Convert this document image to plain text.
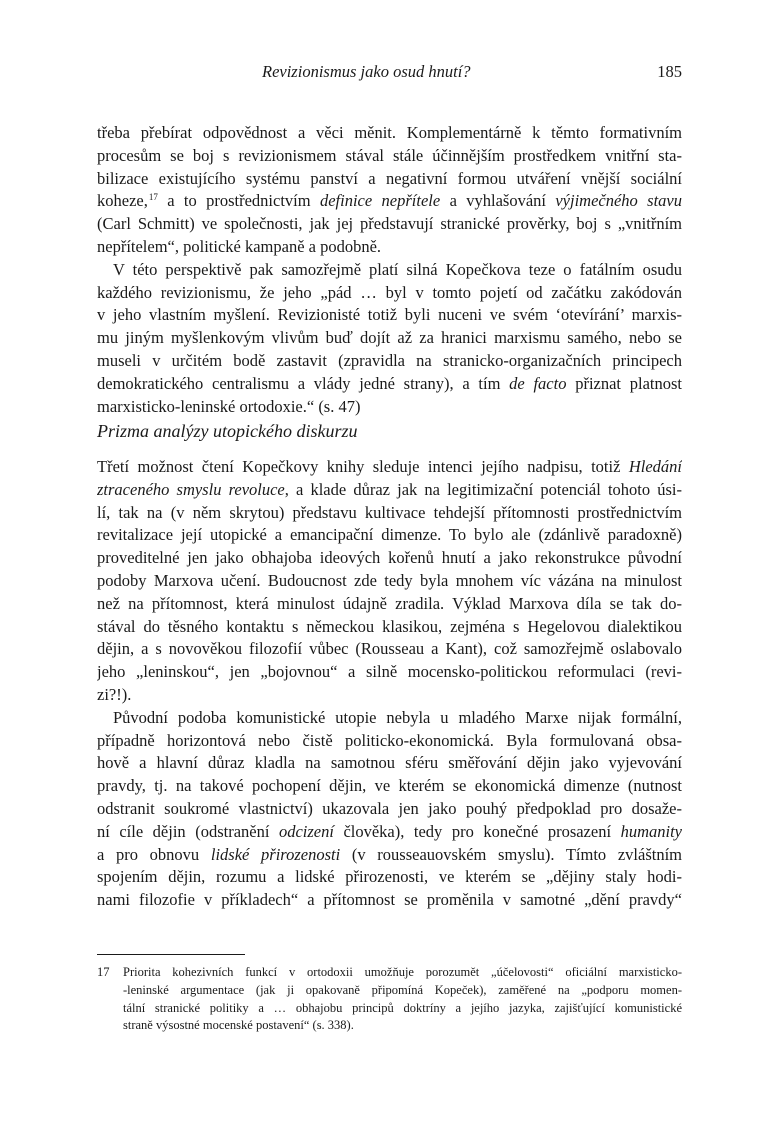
Revizionismus jako osud hnutí?	185
třeba přebírat odpovědnost a věci měnit. Komplementárně k těmto formativním
procesům se boj s revizionismem stával stále účinnějším prostředkem vnitřní sta-
bilizace existujícího systému panství a negativní formou utváření vnější sociální
koheze,$^{17}$ a to prostřednictvím definice nepřítele a vyhlašování výjimečného stavu
(Carl Schmitt) ve společnosti, jak jej představují stranické prověrky, boj s „vnitřním
nepřítelem“, politické kampaně a podobně.
V této perspektivě pak samozřejmě platí silná Kopečkova teze o fatálním osudu
každého revizionismu, že jeho „pád … byl v tomto pojetí od začátku zakódován
v jeho vlastním myšlení. Revizionisté totiž byli nuceni ve svém ‘otevírání’ marxis-
mu jiným myšlenkovým vlivům buď dojít až za hranici marxismu samého, nebo se
museli v určitém bodě zastavit (zpravidla na stranicko-organizačních principech
demokratického centralismu a vlády jedné strany), a tím de facto přiznat platnost
marxisticko-leninské ortodoxie.“ (s. 47)
Prizma analýzy utopického diskurzu
Třetí možnost čtení Kopečkovy knihy sleduje intenci jejího nadpisu, totiž Hledání
ztraceného smyslu revoluce, a klade důraz jak na legitimizační potenciál tohoto úsi-
lí, tak na (v něm skrytou) představu kultivace tehdejší přítomnosti prostřednictvím
revitalizace její utopické a emancipační dimenze. To bylo ale (zdánlivě paradoxně)
proveditelné jen jako obhajoba ideových kořenů hnutí a jako rekonstrukce původní
podoby Marxova učení. Budoucnost zde tedy byla mnohem víc vázána na minulost
než na přítomnost, která minulost údajně zradila. Výklad Marxova díla se tak do-
stával do těsného kontaktu s německou klasikou, zejména s Hegelovou dialektikou
dějin, a s novověkou filozofií vůbec (Rousseau a Kant), což samozřejmě oslabovalo
jeho „leninskou“, jen „bojovnou“ a silně mocensko-politickou reformulaci (revi-
zi?!).
Původní podoba komunistické utopie nebyla u mladého Marxe nijak formální,
případně horizontová nebo čistě politicko-ekonomická. Byla formulovaná obsa-
hově a hlavní důraz kladla na samotnou sféru směřování dějin jako vyjevování
pravdy, tj. na takové pochopení dějin, ve kterém se ekonomická dimenze (nutnost
odstranit soukromé vlastnictví) ukazovala jen jako pouhý předpoklad pro dosaže-
ní cíle dějin (odstranění odcizení člověka), tedy pro konečné prosazení humanity
a pro obnovu lidské přirozenosti (v rousseauovském smyslu). Tímto zvláštním
spojením dějin, rozumu a lidské přirozenosti, ve kterém se „dějiny staly hodi-
nami filozofie v příkladech“ a přítomnost se proměnila v samotné „dění pravdy“
17 Priorita kohezivních funkcí v ortodoxii umožňuje porozumět „účelovosti“ oficiální marxisticko-
-leninské argumentace (jak ji opakovaně připomíná Kopeček), zaměřené na „podporu momen-
tální stranické politiky a … obhajobu principů doktríny a jejího jazyka, zajišťující komunistické
straně výsostné mocenské postavení“ (s. 338).
